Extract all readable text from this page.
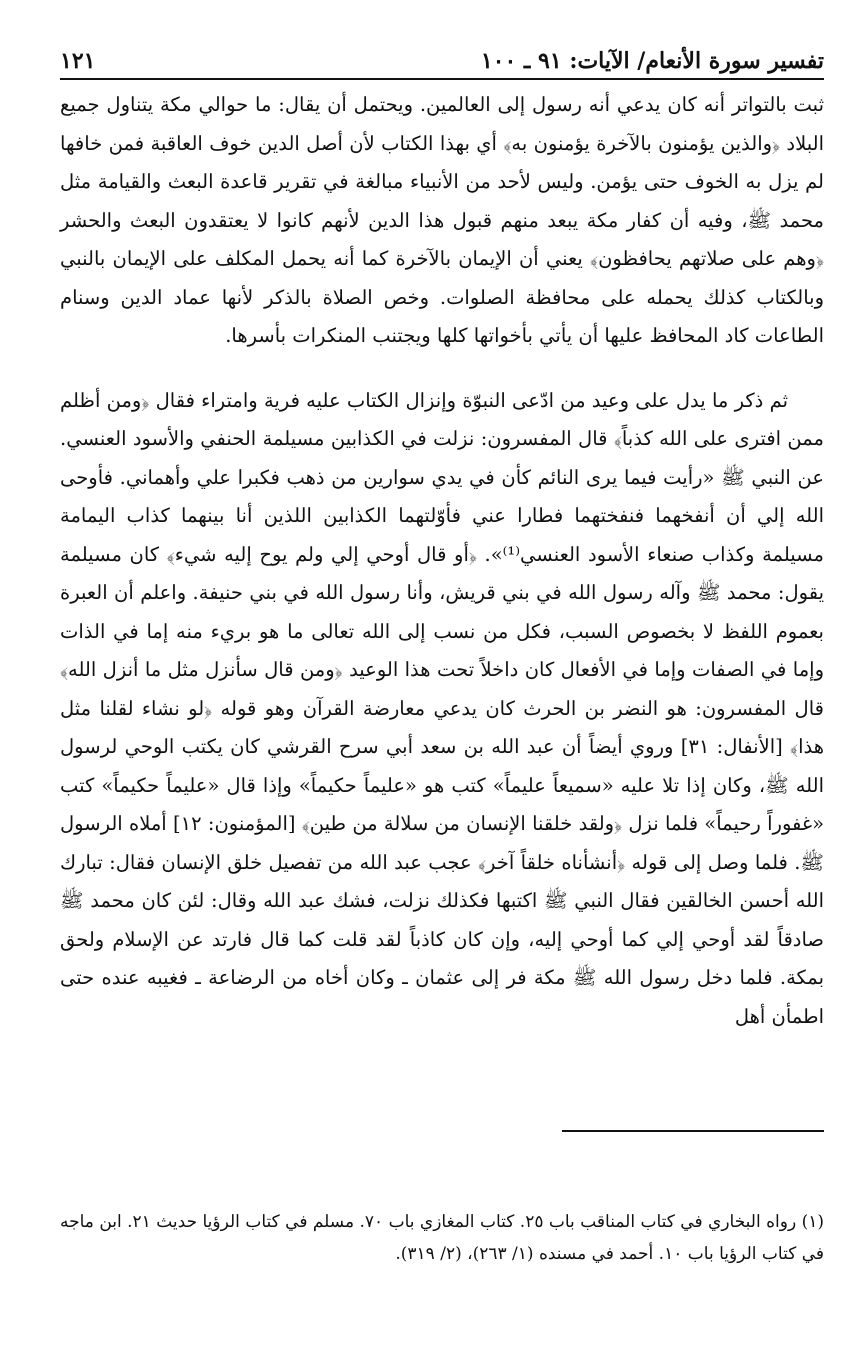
تفسير سورة الأنعام/ الآيات: ٩١ ـ ١٠٠
١٢١

ثبت بالتواتر أنه كان يدعي أنه رسول إلى العالمين. ويحتمل أن يقال: ما حوالي مكة يتناول جميع البلاد ﴿والذين يؤمنون بالآخرة يؤمنون به﴾ أي بهذا الكتاب لأن أصل الدين خوف العاقبة فمن خافها لم يزل به الخوف حتى يؤمن. وليس لأحد من الأنبياء مبالغة في تقرير قاعدة البعث والقيامة مثل محمد ﷺ، وفيه أن كفار مكة يبعد منهم قبول هذا الدين لأنهم كانوا لا يعتقدون البعث والحشر ﴿وهم على صلاتهم يحافظون﴾ يعني أن الإيمان بالآخرة كما أنه يحمل المكلف على الإيمان بالنبي وبالكتاب كذلك يحمله على محافظة الصلوات. وخص الصلاة بالذكر لأنها عماد الدين وسنام الطاعات كاد المحافظ عليها أن يأتي بأخواتها كلها ويجتنب المنكرات بأسرها.

ثم ذكر ما يدل على وعيد من ادّعى النبوّة وإنزال الكتاب عليه فرية وامتراء فقال ﴿ومن أظلم ممن افترى على الله كذباً﴾ قال المفسرون: نزلت في الكذابين مسيلمة الحنفي والأسود العنسي. عن النبي ﷺ «رأيت فيما يرى النائم كأن في يدي سوارين من ذهب فكبرا علي وأهماني. فأوحى الله إلي أن أنفخهما فنفختهما فطارا عني فأوّلتهما الكذابين اللذين أنا بينهما كذاب اليمامة مسيلمة وكذاب صنعاء الأسود العنسي⁽¹⁾». ﴿أو قال أوحي إلي ولم يوح إليه شيء﴾ كان مسيلمة يقول: محمد ﷺ وآله رسول الله في بني قريش، وأنا رسول الله في بني حنيفة. واعلم أن العبرة بعموم اللفظ لا بخصوص السبب، فكل من نسب إلى الله تعالى ما هو بريء منه إما في الذات وإما في الصفات وإما في الأفعال كان داخلاً تحت هذا الوعيد ﴿ومن قال سأنزل مثل ما أنزل الله﴾ قال المفسرون: هو النضر بن الحرث كان يدعي معارضة القرآن وهو قوله ﴿لو نشاء لقلنا مثل هذا﴾ [الأنفال: ٣١] وروي أيضاً أن عبد الله بن سعد أبي سرح القرشي كان يكتب الوحي لرسول الله ﷺ، وكان إذا تلا عليه «سميعاً عليماً» كتب هو «عليماً حكيماً» وإذا قال «عليماً حكيماً» كتب «غفوراً رحيماً» فلما نزل ﴿ولقد خلقنا الإنسان من سلالة من طين﴾ [المؤمنون: ١٢] أملاه الرسول ﷺ. فلما وصل إلى قوله ﴿أنشأناه خلقاً آخر﴾ عجب عبد الله من تفصيل خلق الإنسان فقال: تبارك الله أحسن الخالقين فقال النبي ﷺ اكتبها فكذلك نزلت، فشك عبد الله وقال: لئن كان محمد ﷺ صادقاً لقد أوحي إلي كما أوحي إليه، وإن كان كاذباً لقد قلت كما قال فارتد عن الإسلام ولحق بمكة. فلما دخل رسول الله ﷺ مكة فر إلى عثمان ـ وكان أخاه من الرضاعة ـ فغيبه عنده حتى اطمأن أهل

(١) رواه البخاري في كتاب المناقب باب ٢٥. كتاب المغازي باب ٧٠. مسلم في كتاب الرؤيا حديث ٢١. ابن ماجه في كتاب الرؤيا باب ١٠. أحمد في مسنده (١/ ٢٦٣)، (٢/ ٣١٩).
